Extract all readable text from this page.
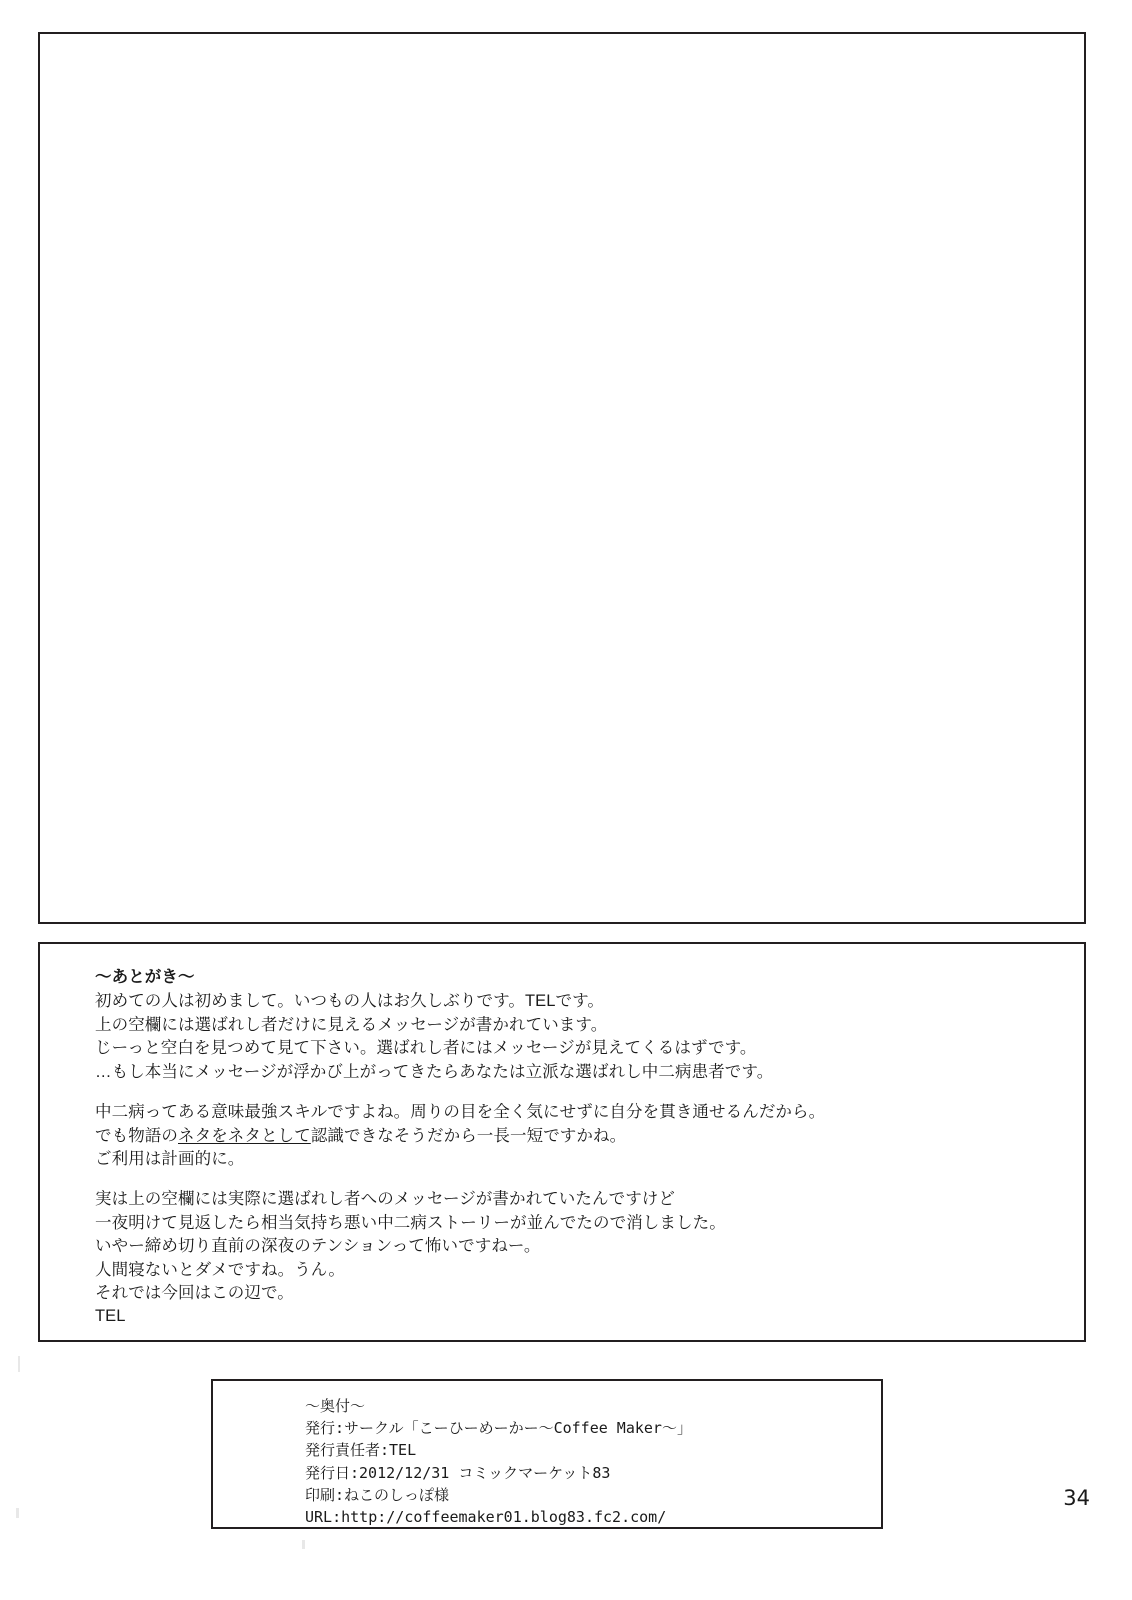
〜あとがき〜

初めての人は初めまして。いつもの人はお久しぶりです。TELです。

上の空欄には選ばれし者だけに見えるメッセージが書かれています。

じーっと空白を見つめて見て下さい。選ばれし者にはメッセージが見えてくるはずです。

…もし本当にメッセージが浮かび上がってきたらあなたは立派な選ばれし中二病患者です。

中二病ってある意味最強スキルですよね。周りの目を全く気にせずに自分を貫き通せるんだから。

でも物語のネタをネタとして認識できなそうだから一長一短ですかね。

ご利用は計画的に。

実は上の空欄には実際に選ばれし者へのメッセージが書かれていたんですけど

一夜明けて見返したら相当気持ち悪い中二病ストーリーが並んでたので消しました。

いやー締め切り直前の深夜のテンションって怖いですねー。

人間寝ないとダメですね。うん。

それでは今回はこの辺で。

TEL

〜奥付〜

発行:サークル「こーひーめーかー〜Coffee Maker〜」

発行責任者:TEL

発行日:2012/12/31 コミックマーケット83

印刷:ねこのしっぽ様

URL:http://coffeemaker01.blog83.fc2.com/

34
